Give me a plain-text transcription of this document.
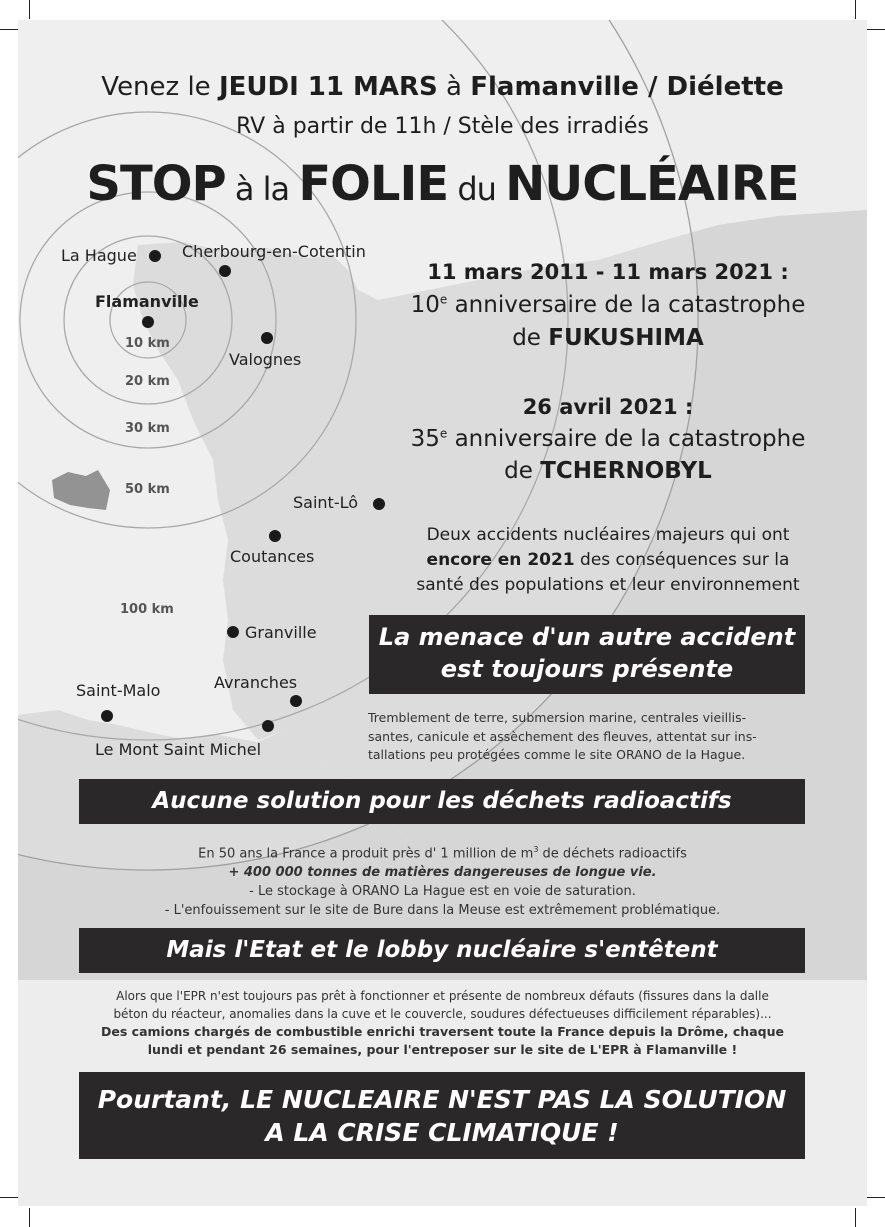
La Hague	Cherbourg-en-Cotentin
Flamanville
Valognes
Saint-Lô
Coutances
Granville
Avranches
Saint-Malo
Le Mont Saint Michel
10 km
20 km
30 km
50 km
100 km
Venez le JEUDI 11 MARS à Flamanville / Diélette
RV à partir de 11h / Stèle des irradiés
STOP à la FOLIE du NUCLÉAIRE
11 mars 2011 - 11 mars 2021 :
10e anniversaire de la catastrophe
de FUKUSHIMA
26 avril 2021 :
35e anniversaire de la catastrophe
de TCHERNOBYL
Deux accidents nucléaires majeurs qui ont
encore en 2021 des conséquences sur la
santé des populations et leur environnement
La menace d'un autre accident
est toujours présente
Tremblement de terre, submersion marine, centrales vieillis-
santes, canicule et assèchement des fleuves, attentat sur ins-
tallations peu protégées comme le site ORANO de la Hague.
Aucune solution pour les déchets radioactifs
En 50 ans la France a produit près d' 1 million de $m^3$ de déchets radioactifs
+ 400 000 tonnes de matières dangereuses de longue vie.
- Le stockage à ORANO La Hague est en voie de saturation.
- L'enfouissement sur le site de Bure dans la Meuse est extrêmement problématique.
Mais l'Etat et le lobby nucléaire s'entêtent
Alors que l'EPR n'est toujours pas prêt à fonctionner et présente de nombreux défauts (fissures dans la dalle
béton du réacteur, anomalies dans la cuve et le couvercle, soudures défectueuses difficilement réparables)...
Des camions chargés de combustible enrichi traversent toute la France depuis la Drôme, chaque
lundi et pendant 26 semaines, pour l'entreposer sur le site de L'EPR à Flamanville !
Pourtant, LE NUCLEAIRE N'EST PAS LA SOLUTION
A LA CRISE CLIMATIQUE !
